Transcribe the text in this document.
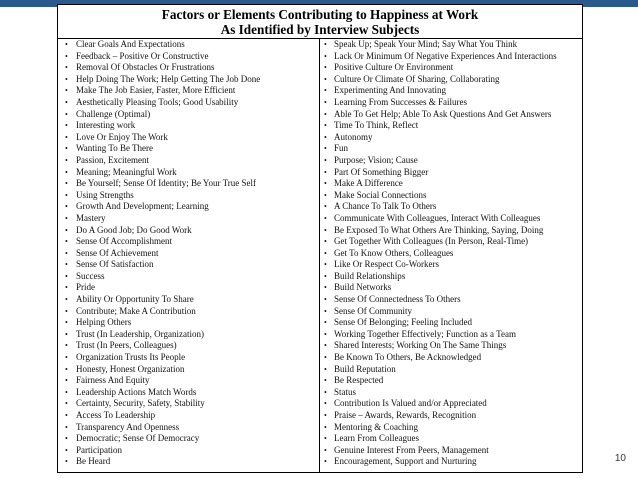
Factors or Elements Contributing to Happiness at Work
As Identified by Interview Subjects
• Clear Goals And Expectations
• Feedback – Positive Or Constructive
• Removal Of Obstacles Or Frustrations
• Help Doing The Work; Help Getting The Job Done
• Make The Job Easier, Faster, More Efficient
• Aesthetically Pleasing Tools; Good Usability
• Challenge (Optimal)
• Interesting work
• Love Or Enjoy The Work
• Wanting To Be There
• Passion, Excitement
• Meaning; Meaningful Work
• Be Yourself; Sense Of Identity; Be Your True Self
• Using Strengths
• Growth And Development; Learning
• Mastery
• Do A Good Job; Do Good Work
• Sense Of Accomplishment
• Sense Of Achievement
• Sense Of Satisfaction
• Success
• Pride
• Ability Or Opportunity To Share
• Contribute; Make A Contribution
• Helping Others
• Trust (In Leadership, Organization)
• Trust (In Peers, Colleagues)
• Organization Trusts Its People
• Honesty, Honest Organization
• Fairness And Equity
• Leadership Actions Match Words
• Certainty, Security, Safety, Stability
• Access To Leadership
• Transparency And Openness
• Democratic; Sense Of Democracy
• Participation
• Be Heard
• Speak Up; Speak Your Mind; Say What You Think
• Lack Or Minimum Of Negative Experiences And Interactions
• Positive Culture Or Environment
• Culture Or Climate Of Sharing, Collaborating
• Experimenting And Innovating
• Learning From Successes & Failures
• Able To Get Help; Able To Ask Questions And Get Answers
• Time To Think, Reflect
• Autonomy
• Fun
• Purpose; Vision; Cause
• Part Of Something Bigger
• Make A Difference
• Make Social Connections
• A Chance To Talk To Others
• Communicate With Colleagues, Interact With Colleagues
• Be Exposed To What Others Are Thinking, Saying, Doing
• Get Together With Colleagues (In Person, Real-Time)
• Get To Know Others, Colleagues
• Like Or Respect Co-Workers
• Build Relationships
• Build Networks
• Sense Of Connectedness To Others
• Sense Of Community
• Sense Of Belonging; Feeling Included
• Working Together Effectively; Function as a Team
• Shared Interests; Working On The Same Things
• Be Known To Others, Be Acknowledged
• Build Reputation
• Be Respected
• Status
• Contribution Is Valued and/or Appreciated
• Praise – Awards, Rewards, Recognition
• Mentoring & Coaching
• Learn From Colleagues
• Genuine Interest From Peers, Management
• Encouragement, Support and Nurturing	10
